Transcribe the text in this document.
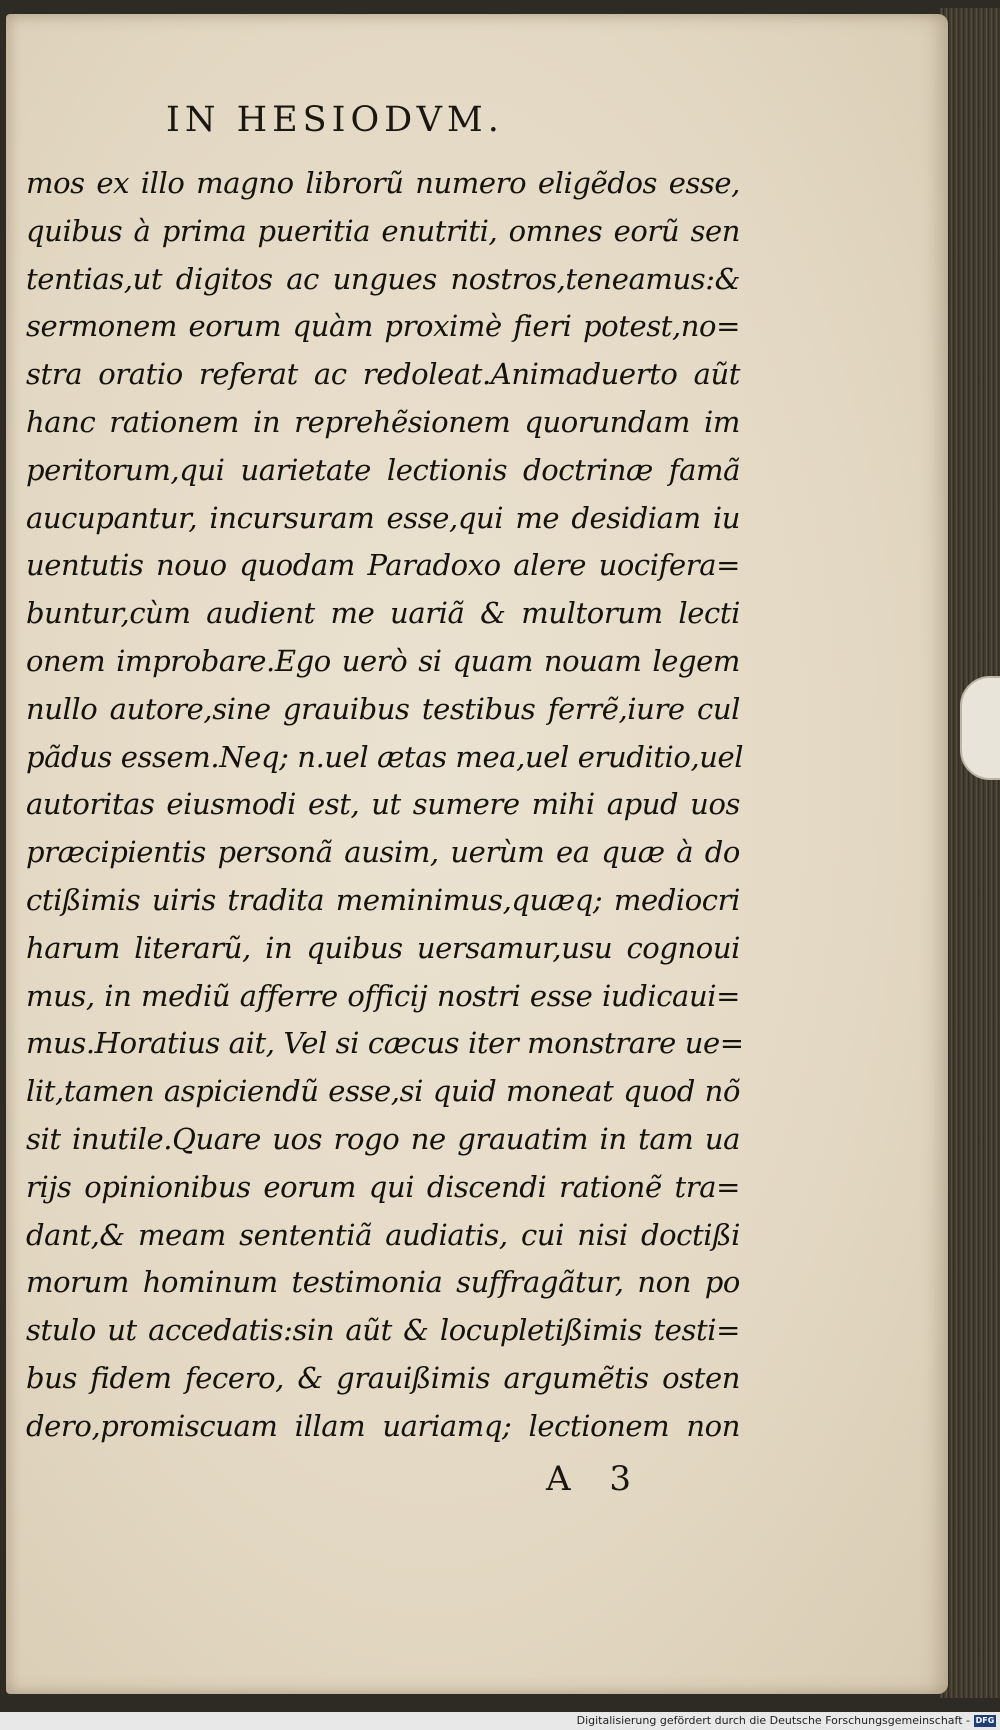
IN HESIODVM.
mos ex illo magno librorũ numero eligẽdos esse,
quibus à prima pueritia enutriti, omnes eorũ sen
tentias,ut digitos ac ungues nostros,teneamus:&
sermonem eorum quàm proximè fieri potest,no=
stra oratio referat ac redoleat.Animaduerto aũt
hanc rationem in reprehẽsionem quorundam im
peritorum,qui uarietate lectionis doctrinæ famã
aucupantur, incursuram esse,qui me desidiam iu
uentutis nouo quodam Paradoxo alere uocifera=
buntur,cùm audient me uariã & multorum lecti
onem improbare.Ego uerò si quam nouam legem
nullo autore,sine grauibus testibus ferrẽ,iure cul
pãdus essem.Neq; n.uel ætas mea,uel eruditio,uel
autoritas eiusmodi est, ut sumere mihi apud uos
præcipientis personã ausim, uerùm ea quæ à do
ctißimis uiris tradita meminimus,quæq; mediocri
harum literarũ, in quibus uersamur,usu cognoui
mus, in mediũ afferre officij nostri esse iudicaui=
mus.Horatius ait, Vel si cæcus iter monstrare ue=
lit,tamen aspiciendũ esse,si quid moneat quod nõ
sit inutile.Quare uos rogo ne grauatim in tam ua
rijs opinionibus eorum qui discendi rationẽ tra=
dant,& meam sententiã audiatis, cui nisi doctißi
morum hominum testimonia suffragãtur, non po
stulo ut accedatis:sin aũt & locupletißimis testi=
bus fidem fecero, & grauißimis argumẽtis osten
dero,promiscuam illam uariamq; lectionem non
A 3
Digitalisierung gefördert durch die Deutsche Forschungsgemeinschaft - DFG
